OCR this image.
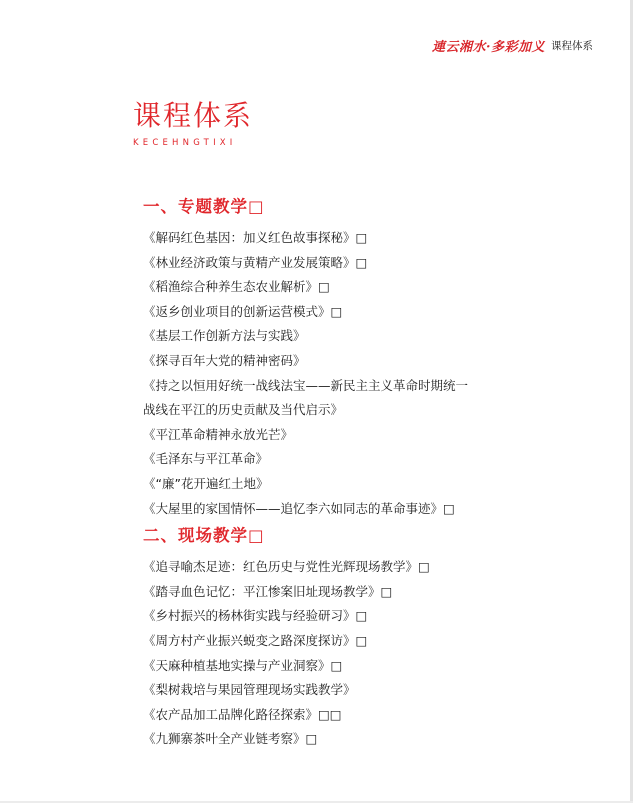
連云湘水·多彩加义 课程体系
课程体系
KECEHNGTIXI
一、专题教学□
《解码红色基因：加义红色故事探秘》□
《林业经济政策与黄精产业发展策略》□
《稻渔综合种养生态农业解析》□
《返乡创业项目的创新运营模式》□
《基层工作创新方法与实践》
《探寻百年大党的精神密码》
《持之以恒用好统一战线法宝——新民主主义革命时期统一
战线在平江的历史贡献及当代启示》
《平江革命精神永放光芒》
《毛泽东与平江革命》
《“廉”花开遍红土地》
《大屋里的家国情怀——追忆李六如同志的革命事迹》□
二、现场教学□
《追寻喻杰足迹：红色历史与党性光辉现场教学》□
《踏寻血色记忆：平江惨案旧址现场教学》□
《乡村振兴的杨林街实践与经验研习》□
《周方村产业振兴蜕变之路深度探访》□
《天麻种植基地实操与产业洞察》□
《梨树栽培与果园管理现场实践教学》
《农产品加工品牌化路径探索》□□
《九狮寨茶叶全产业链考察》□
